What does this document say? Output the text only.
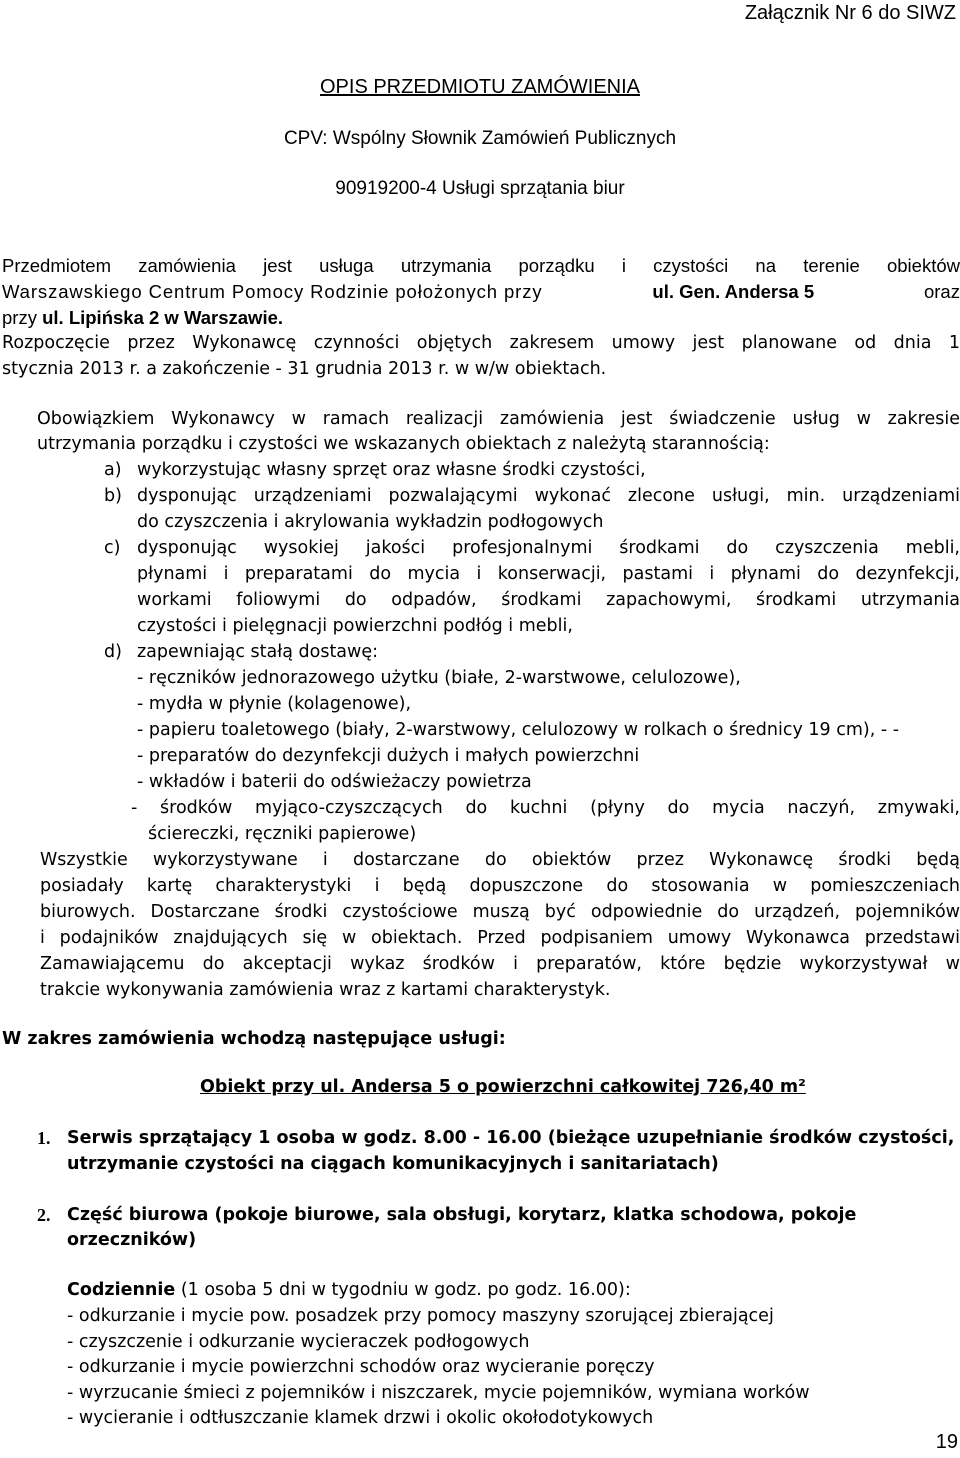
Załącznik Nr 6 do SIWZ
OPIS PRZEDMIOTU ZAMÓWIENIA
CPV: Wspólny Słownik Zamówień Publicznych
90919200-4 Usługi sprzątania biur
Przedmiotem zamówienia jest usługa utrzymania porządku i czystości na terenie obiektów
Warszawskiego Centrum Pomocy Rodzinie położonych przy	ul. Gen. Andersa 5	oraz
przy ul. Lipińska 2 w Warszawie.
Rozpoczęcie przez Wykonawcę czynności objętych zakresem umowy jest planowane od dnia 1
stycznia 2013 r. a zakończenie - 31 grudnia 2013 r. w w/w obiektach.
Obowiązkiem Wykonawcy w ramach realizacji zamówienia jest świadczenie usług w zakresie
utrzymania porządku i czystości we wskazanych obiektach z należytą starannością:
a) wykorzystując własny sprzęt oraz własne środki czystości,
b) dysponując urządzeniami pozwalającymi wykonać zlecone usługi, min. urządzeniami
do czyszczenia i akrylowania wykładzin podłogowych
c) dysponując wysokiej jakości profesjonalnymi środkami do czyszczenia mebli,
płynami i preparatami do mycia i konserwacji, pastami i płynami do dezynfekcji,
workami foliowymi do odpadów, środkami zapachowymi, środkami utrzymania
czystości i pielęgnacji powierzchni podłóg i mebli,
d) zapewniając stałą dostawę:
- ręczników jednorazowego użytku (białe, 2-warstwowe, celulozowe),
- mydła w płynie (kolagenowe),
- papieru toaletowego (biały, 2-warstwowy, celulozowy w rolkach o średnicy 19 cm), - -
- preparatów do dezynfekcji dużych i małych powierzchni
- wkładów i baterii do odświeżaczy powietrza
- środków myjąco-czyszczących do kuchni (płyny do mycia naczyń, zmywaki,
ściereczki, ręczniki papierowe)
Wszystkie wykorzystywane i dostarczane do obiektów przez Wykonawcę środki będą
posiadały kartę charakterystyki i będą dopuszczone do stosowania w pomieszczeniach
biurowych. Dostarczane środki czystościowe muszą być odpowiednie do urządzeń, pojemników
i podajników znajdujących się w obiektach. Przed podpisaniem umowy Wykonawca przedstawi
Zamawiającemu do akceptacji wykaz środków i preparatów, które będzie wykorzystywał w
trakcie wykonywania zamówienia wraz z kartami charakterystyk.
W zakres zamówienia wchodzą następujące usługi:
Obiekt przy ul. Andersa 5 o powierzchni całkowitej 726,40 m²
1. Serwis sprzątający 1 osoba w godz. 8.00 - 16.00 (bieżące uzupełnianie środków czystości,
utrzymanie czystości na ciągach komunikacyjnych i sanitariatach)
2. Część biurowa (pokoje biurowe, sala obsługi, korytarz, klatka schodowa, pokoje
orzeczników)
Codziennie (1 osoba 5 dni w tygodniu w godz. po godz. 16.00):
- odkurzanie i mycie pow. posadzek przy pomocy maszyny szorującej zbierającej
- czyszczenie i odkurzanie wycieraczek podłogowych
- odkurzanie i mycie powierzchni schodów oraz wycieranie poręczy
- wyrzucanie śmieci z pojemników i niszczarek, mycie pojemników, wymiana worków
- wycieranie i odtłuszczanie klamek drzwi i okolic okołodotykowych
19
